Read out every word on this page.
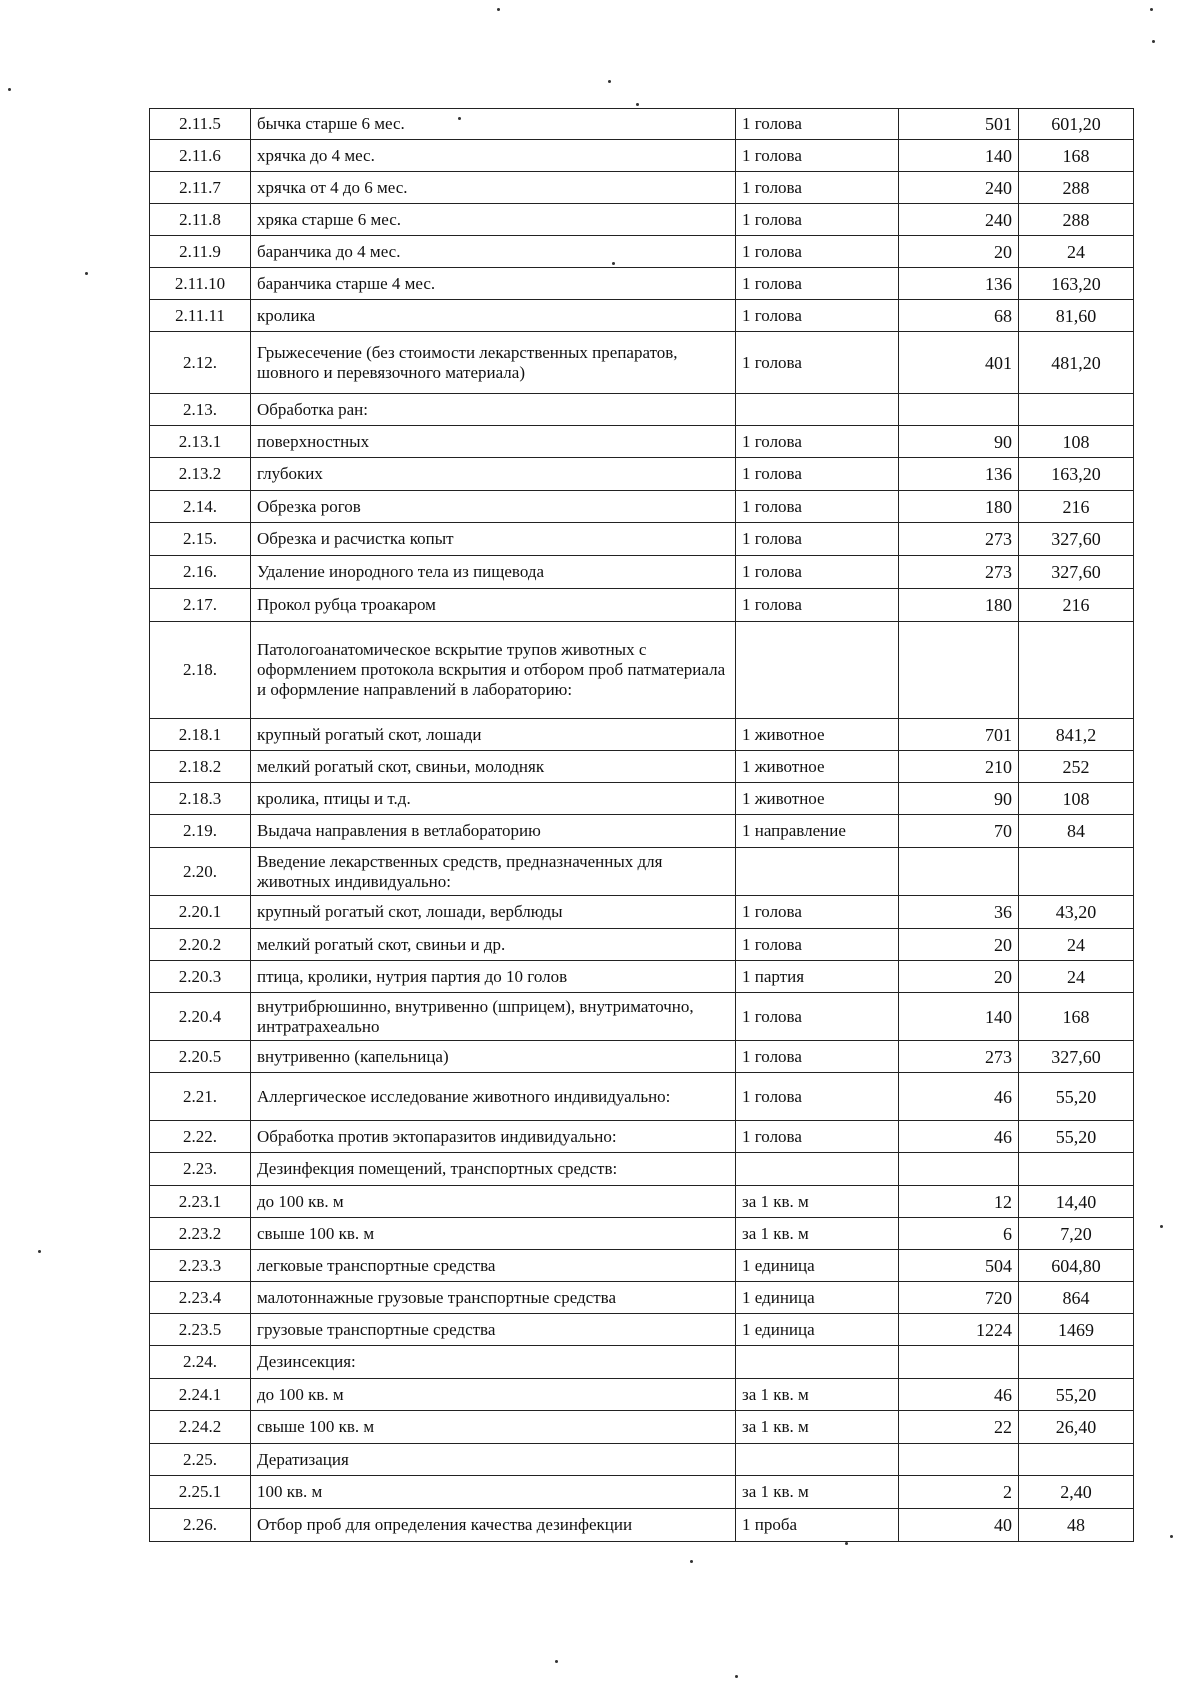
2.11.5	бычка старше 6 мес.	1 голова	501	601,20
2.11.6	хрячка до 4 мес.	1 голова	140	168
2.11.7	хрячка от 4 до 6 мес.	1 голова	240	288
2.11.8	хряка старше 6 мес.	1 голова	240	288
2.11.9	баранчика до 4 мес.	1 голова	20	24
2.11.10	баранчика старше 4 мес.	1 голова	136	163,20
2.11.11	кролика	1 голова	68	81,60
2.12.	Грыжесечение (без стоимости лекарственных препаратов, шовного и перевязочного материала)	1 голова	401	481,20
2.13.	Обработка ран:			
2.13.1	поверхностных	1 голова	90	108
2.13.2	глубоких	1 голова	136	163,20
2.14.	Обрезка рогов	1 голова	180	216
2.15.	Обрезка и расчистка копыт	1 голова	273	327,60
2.16.	Удаление инородного тела из пищевода	1 голова	273	327,60
2.17.	Прокол рубца троакаром	1 голова	180	216
2.18.	Патологоанатомическое вскрытие трупов животных с оформлением протокола вскрытия и отбором проб патматериала и оформление направлений в лабораторию:			
2.18.1	крупный рогатый скот, лошади	1 животное	701	841,2
2.18.2	мелкий рогатый скот, свиньи, молодняк	1 животное	210	252
2.18.3	кролика, птицы и т.д.	1 животное	90	108
2.19.	Выдача направления в ветлабораторию	1 направление	70	84
2.20.	Введение лекарственных средств, предназначенных для животных индивидуально:			
2.20.1	крупный рогатый скот, лошади, верблюды	1 голова	36	43,20
2.20.2	мелкий рогатый скот, свиньи и др.	1 голова	20	24
2.20.3	птица, кролики, нутрия партия до 10 голов	1 партия	20	24
2.20.4	внутрибрюшинно, внутривенно (шприцем), внутриматочно, интратрахеально	1 голова	140	168
2.20.5	внутривенно (капельница)	1 голова	273	327,60
2.21.	Аллергическое исследование животного индивидуально:	1 голова	46	55,20
2.22.	Обработка против эктопаразитов индивидуально:	1 голова	46	55,20
2.23.	Дезинфекция помещений, транспортных средств:			
2.23.1	до 100 кв. м	за 1 кв. м	12	14,40
2.23.2	свыше 100 кв. м	за 1 кв. м	6	7,20
2.23.3	легковые транспортные средства	1 единица	504	604,80
2.23.4	малотоннажные грузовые транспортные средства	1 единица	720	864
2.23.5	грузовые транспортные средства	1 единица	1224	1469
2.24.	Дезинсекция:			
2.24.1	до 100 кв. м	за 1 кв. м	46	55,20
2.24.2	свыше 100 кв. м	за 1 кв. м	22	26,40
2.25.	Дератизация			
2.25.1	100 кв. м	за 1 кв. м	2	2,40
2.26.	Отбор проб для определения качества дезинфекции	1 проба	40	48
